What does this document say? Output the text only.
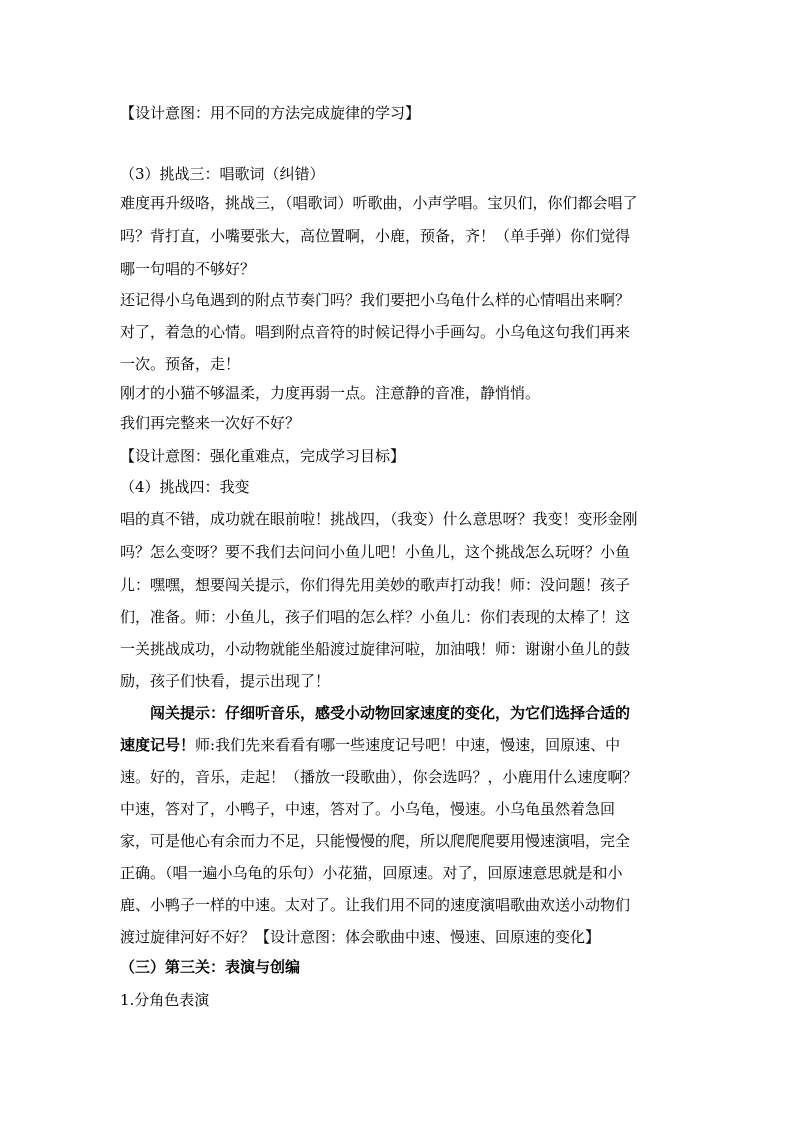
【设计意图：用不同的方法完成旋律的学习】
（3）挑战三：唱歌词（纠错）
难度再升级咯，挑战三，（唱歌词）听歌曲，小声学唱。宝贝们，你们都会唱了
吗？背打直，小嘴要张大，高位置啊，小鹿，预备，齐！（单手弹）你们觉得
哪一句唱的不够好？
还记得小乌龟遇到的附点节奏门吗？我们要把小乌龟什么样的心情唱出来啊？
对了，着急的心情。唱到附点音符的时候记得小手画勾。小乌龟这句我们再来
一次。预备，走！
刚才的小猫不够温柔，力度再弱一点。注意静的音准，静悄悄。
我们再完整来一次好不好？
【设计意图：强化重难点，完成学习目标】
（4）挑战四：我变
唱的真不错，成功就在眼前啦！挑战四，（我变）什么意思呀？我变！变形金刚
吗？怎么变呀？要不我们去问问小鱼儿吧！小鱼儿，这个挑战怎么玩呀？小鱼
儿：嘿嘿，想要闯关提示，你们得先用美妙的歌声打动我！师：没问题！孩子
们，准备。师：小鱼儿，孩子们唱的怎么样？小鱼儿：你们表现的太棒了！这
一关挑战成功，小动物就能坐船渡过旋律河啦，加油哦！师：谢谢小鱼儿的鼓
励，孩子们快看，提示出现了！
闯关提示：仔细听音乐，感受小动物回家速度的变化，为它们选择合适的
速度记号！师:我们先来看看有哪一些速度记号吧！中速，慢速，回原速、中
速。好的，音乐，走起！（播放一段歌曲），你会选吗？，小鹿用什么速度啊？
中速，答对了，小鸭子，中速，答对了。小乌龟，慢速。小乌龟虽然着急回
家，可是他心有余而力不足，只能慢慢的爬，所以爬爬爬要用慢速演唱，完全
正确。（唱一遍小乌龟的乐句）小花猫，回原速。对了，回原速意思就是和小
鹿、小鸭子一样的中速。太对了。让我们用不同的速度演唱歌曲欢送小动物们
渡过旋律河好不好？【设计意图：体会歌曲中速、慢速、回原速的变化】
（三）第三关：表演与创编
1.分角色表演
